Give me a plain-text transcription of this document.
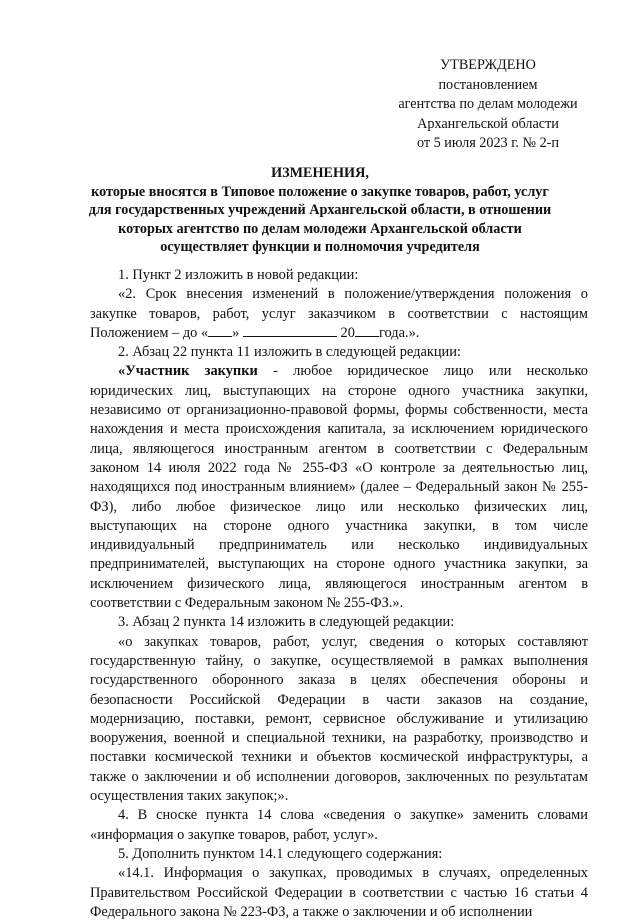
УТВЕРЖДЕНО
постановлением
агентства по делам молодежи
Архангельской области
от 5 июля 2023 г. № 2-п
ИЗМЕНЕНИЯ,
которые вносятся в Типовое положение о закупке товаров, работ, услуг
для государственных учреждений Архангельской области, в отношении
которых агентство по делам молодежи Архангельской области
осуществляет функции и полномочия учредителя

1. Пункт 2 изложить в новой редакции:

«2. Срок внесения изменений в положение/утверждения положения о закупке товаров, работ, услуг заказчиком в соответствии с настоящим Положением – до « »	20 года.».

2. Абзац 22 пункта 11 изложить в следующей редакции:

«Участник закупки - любое юридическое лицо или несколько юридических лиц, выступающих на стороне одного участника закупки, независимо от организационно-правовой формы, формы собственности, места нахождения и места происхождения капитала, за исключением юридического лица, являющегося иностранным агентом в соответствии с Федеральным законом 14 июля 2022 года № 255-ФЗ «О контроле за деятельностью лиц, находящихся под иностранным влиянием» (далее – Федеральный закон № 255-ФЗ), либо любое физическое лицо или несколько физических лиц, выступающих на стороне одного участника закупки, в том числе индивидуальный предприниматель или несколько индивидуальных предпринимателей, выступающих на стороне одного участника закупки, за исключением физического лица, являющегося иностранным агентом в соответствии с Федеральным законом № 255-ФЗ.».

3. Абзац 2 пункта 14 изложить в следующей редакции:

«о закупках товаров, работ, услуг, сведения о которых составляют государственную тайну, о закупке, осуществляемой в рамках выполнения государственного оборонного заказа в целях обеспечения обороны и безопасности Российской Федерации в части заказов на создание, модернизацию, поставки, ремонт, сервисное обслуживание и утилизацию вооружения, военной и специальной техники, на разработку, производство и поставки космической техники и объектов космической инфраструктуры, а также о заключении и об исполнении договоров, заключенных по результатам осуществления таких закупок;».

4. В сноске пункта 14 слова «сведения о закупке» заменить словами «информация о закупке товаров, работ, услуг».

5. Дополнить пунктом 14.1 следующего содержания:

«14.1. Информация о закупках, проводимых в случаях, определенных Правительством Российской Федерации в соответствии с частью 16 статьи 4 Федерального закона № 223-ФЗ, а также о заключении и об исполнении
